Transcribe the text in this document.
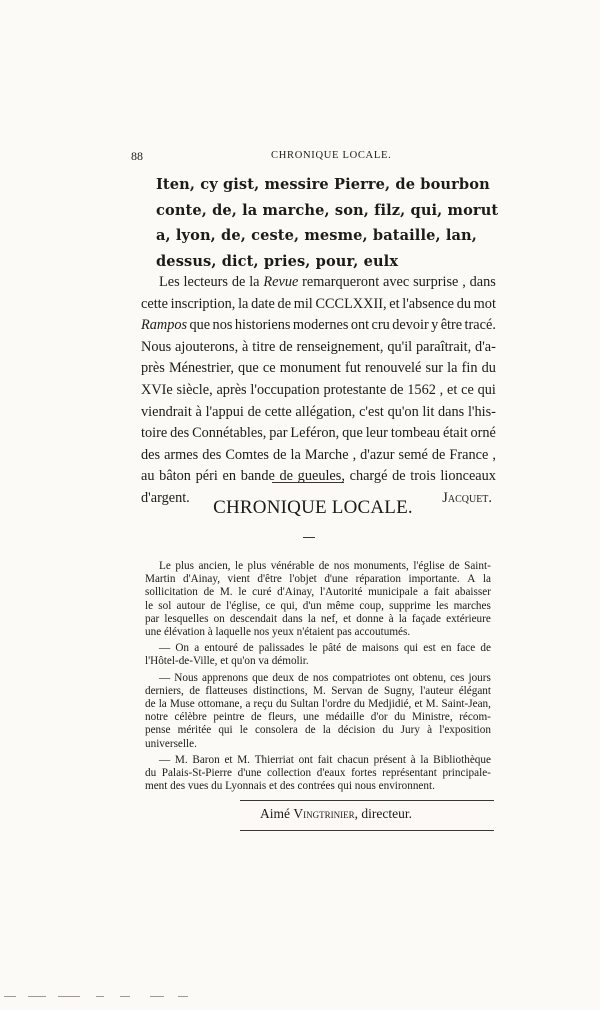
88	CHRONIQUE LOCALE.
Iten, cy gist, messire Pierre, de bourbon
conte, de, la marche, son, filz, qui, morut
a, lyon, de, ceste, mesme, bataille, lan,
dessus, dict, pries, pour, eulx
Les lecteurs de la Revue remarqueront avec surprise , dans
cette inscription, la date de mil CCCLXXII, et l'absence du mot
Rampos que nos historiens modernes ont cru devoir y être tracé.
Nous ajouterons, à titre de renseignement, qu'il paraîtrait, d'a-
près Ménestrier, que ce monument fut renouvelé sur la fin du
XVIe siècle, après l'occupation protestante de 1562 , et ce qui
viendrait à l'appui de cette allégation, c'est qu'on lit dans l'his-
toire des Connétables, par Leféron, que leur tombeau était orné
des armes des Comtes de la Marche , d'azur semé de France ,
au bâton péri en bande de gueules, chargé de trois lionceaux
d'argent.	Jacquet.
CHRONIQUE LOCALE.
Le plus ancien, le plus vénérable de nos monuments, l'église de Saint-
Martin d'Ainay, vient d'être l'objet d'une réparation importante. A la
sollicitation de M. le curé d'Ainay, l'Autorité municipale a fait abaisser
le sol autour de l'église, ce qui, d'un même coup, supprime les marches
par lesquelles on descendait dans la nef, et donne à la façade extérieure
une élévation à laquelle nos yeux n'étaient pas accoutumés.
— On a entouré de palissades le pâté de maisons qui est en face de
l'Hôtel-de-Ville, et qu'on va démolir.
— Nous apprenons que deux de nos compatriotes ont obtenu, ces jours
derniers, de flatteuses distinctions, M. Servan de Sugny, l'auteur élégant
de la Muse ottomane, a reçu du Sultan l'ordre du Medjidié, et M. Saint-Jean,
notre célèbre peintre de fleurs, une médaille d'or du Ministre, récom-
pense méritée qui le consolera de la décision du Jury à l'exposition
universelle.
— M. Baron et M. Thierriat ont fait chacun présent à la Bibliothèque
du Palais-St-Pierre d'une collection d'eaux fortes représentant principale-
ment des vues du Lyonnais et des contrées qui nous environnent.
Aimé Vingtrinier, directeur.
